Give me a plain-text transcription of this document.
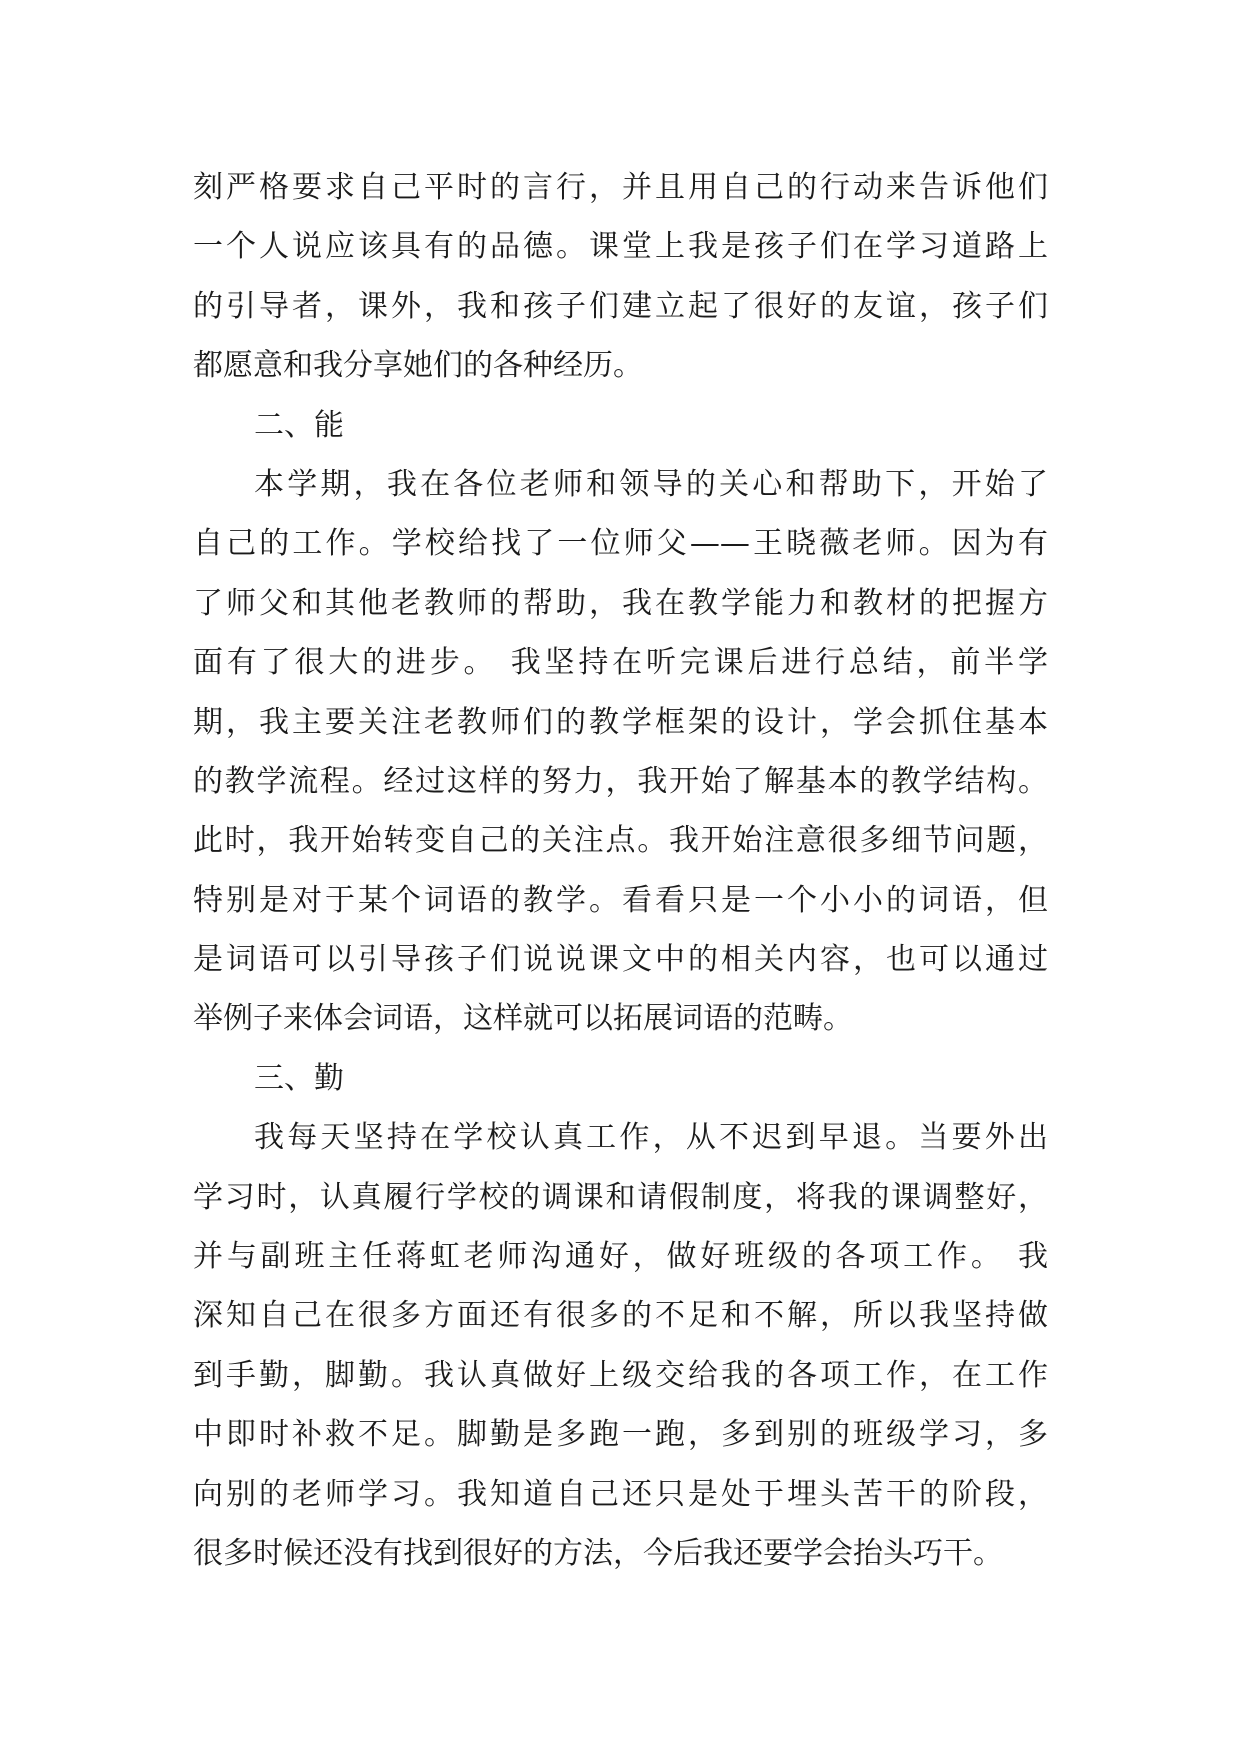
刻严格要求自己平时的言行，并且用自己的行动来告诉他们
一个人说应该具有的品德。课堂上我是孩子们在学习道路上
的引导者，课外，我和孩子们建立起了很好的友谊，孩子们
都愿意和我分享她们的各种经历。
二、能
本学期，我在各位老师和领导的关心和帮助下，开始了
自己的工作。学校给找了一位师父——王晓薇老师。因为有
了师父和其他老教师的帮助，我在教学能力和教材的把握方
面有了很大的进步。 我坚持在听完课后进行总结，前半学
期，我主要关注老教师们的教学框架的设计，学会抓住基本
的教学流程。经过这样的努力，我开始了解基本的教学结构。
此时，我开始转变自己的关注点。我开始注意很多细节问题，
特别是对于某个词语的教学。看看只是一个小小的词语，但
是词语可以引导孩子们说说课文中的相关内容，也可以通过
举例子来体会词语，这样就可以拓展词语的范畴。
三、勤
我每天坚持在学校认真工作，从不迟到早退。当要外出
学习时，认真履行学校的调课和请假制度，将我的课调整好，
并与副班主任蒋虹老师沟通好，做好班级的各项工作。 我
深知自己在很多方面还有很多的不足和不解，所以我坚持做
到手勤，脚勤。我认真做好上级交给我的各项工作，在工作
中即时补救不足。脚勤是多跑一跑，多到别的班级学习，多
向别的老师学习。我知道自己还只是处于埋头苦干的阶段，
很多时候还没有找到很好的方法，今后我还要学会抬头巧干。
